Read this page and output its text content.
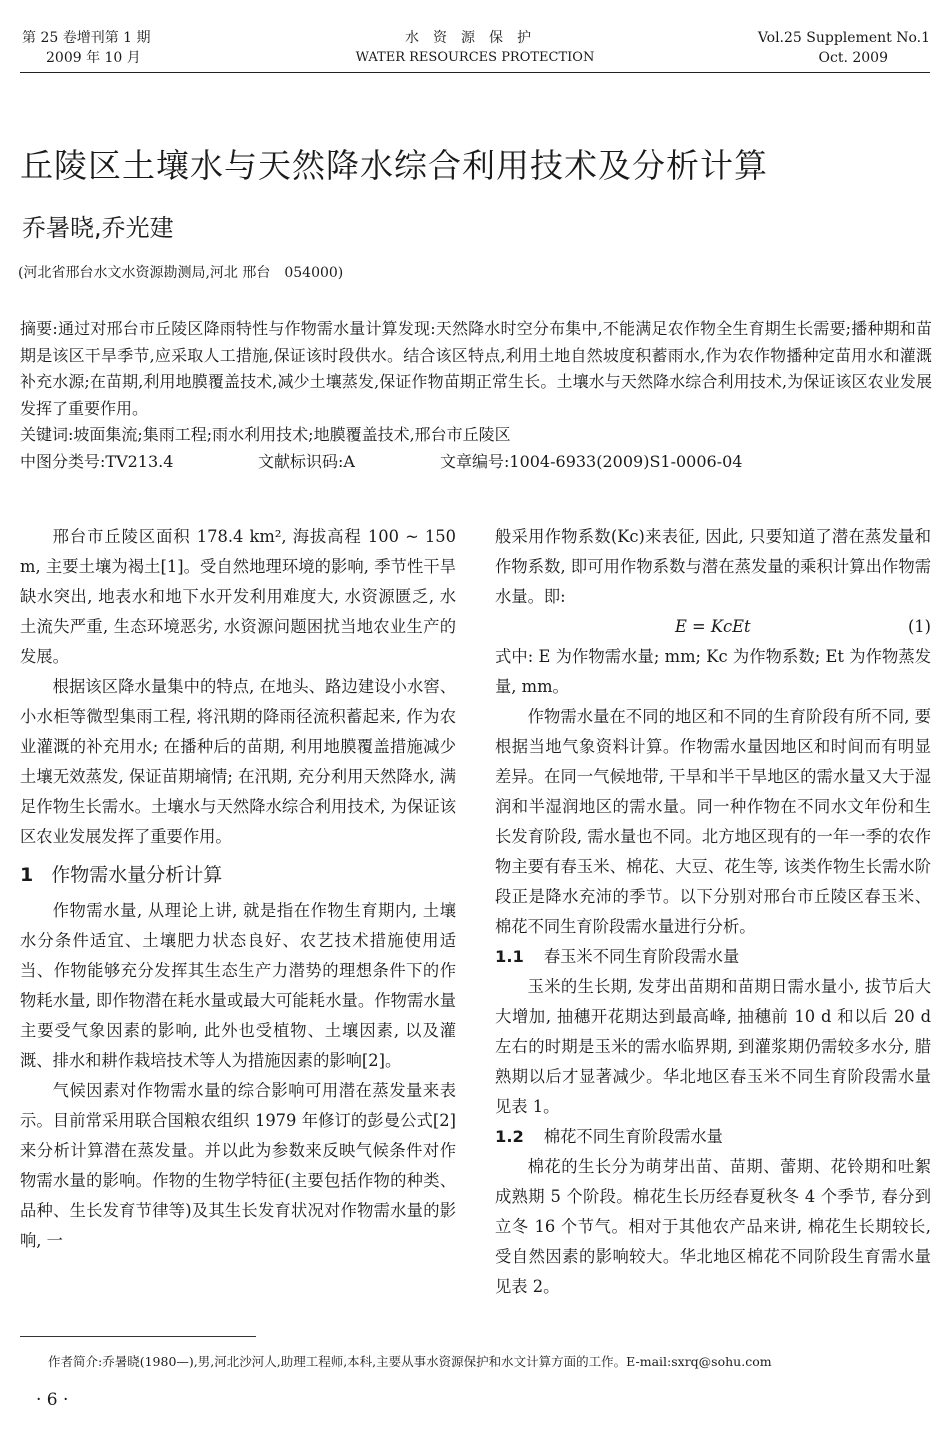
第 25 卷增刊第 1 期
2009 年 10 月
水资源保护
WATER RESOURCES PROTECTION
Vol.25 Supplement No.1
Oct. 2009
丘陵区土壤水与天然降水综合利用技术及分析计算
乔暑晓,乔光建
(河北省邢台水文水资源勘测局,河北 邢台　054000)

摘要:通过对邢台市丘陵区降雨特性与作物需水量计算发现:天然降水时空分布集中,不能满足农作物全生育期生长需要;播种期和苗期是该区干旱季节,应采取人工措施,保证该时段供水。结合该区特点,利用土地自然坡度积蓄雨水,作为农作物播种定苗用水和灌溉补充水源;在苗期,利用地膜覆盖技术,减少土壤蒸发,保证作物苗期正常生长。土壤水与天然降水综合利用技术,为保证该区农业发展发挥了重要作用。

关键词:坡面集流;集雨工程;雨水利用技术;地膜覆盖技术,邢台市丘陵区

中图分类号:TV213.4	文献标识码:A	文章编号:1004-6933(2009)S1-0006-04

邢台市丘陵区面积 178.4 km², 海拔高程 100 ~ 150 m, 主要土壤为褐土[1]。受自然地理环境的影响, 季节性干旱缺水突出, 地表水和地下水开发利用难度大, 水资源匮乏, 水土流失严重, 生态环境恶劣, 水资源问题困扰当地农业生产的发展。

根据该区降水量集中的特点, 在地头、路边建设小水窖、小水柜等微型集雨工程, 将汛期的降雨径流积蓄起来, 作为农业灌溉的补充用水; 在播种后的苗期, 利用地膜覆盖措施减少土壤无效蒸发, 保证苗期墒情; 在汛期, 充分利用天然降水, 满足作物生长需水。土壤水与天然降水综合利用技术, 为保证该区农业发展发挥了重要作用。

1 作物需水量分析计算

作物需水量, 从理论上讲, 就是指在作物生育期内, 土壤水分条件适宜、土壤肥力状态良好、农艺技术措施使用适当、作物能够充分发挥其生态生产力潜势的理想条件下的作物耗水量, 即作物潜在耗水量或最大可能耗水量。作物需水量主要受气象因素的影响, 此外也受植物、土壤因素, 以及灌溉、排水和耕作栽培技术等人为措施因素的影响[2]。

气候因素对作物需水量的综合影响可用潜在蒸发量来表示。目前常采用联合国粮农组织 1979 年修订的彭曼公式[2] 来分析计算潜在蒸发量。并以此为参数来反映气候条件对作物需水量的影响。作物的生物学特征(主要包括作物的种类、品种、生长发育节律等)及其生长发育状况对作物需水量的影响, 一

般采用作物系数(Kc)来表征, 因此, 只要知道了潜在蒸发量和作物系数, 即可用作物系数与潜在蒸发量的乘积计算出作物需水量。即:

E = KcEt	(1)

式中: E 为作物需水量; mm; Kc 为作物系数; Et 为作物蒸发量, mm。

作物需水量在不同的地区和不同的生育阶段有所不同, 要根据当地气象资料计算。作物需水量因地区和时间而有明显差异。在同一气候地带, 干旱和半干旱地区的需水量又大于湿润和半湿润地区的需水量。同一种作物在不同水文年份和生长发育阶段, 需水量也不同。北方地区现有的一年一季的农作物主要有春玉米、棉花、大豆、花生等, 该类作物生长需水阶段正是降水充沛的季节。以下分别对邢台市丘陵区春玉米、棉花不同生育阶段需水量进行分析。

1.1 春玉米不同生育阶段需水量

玉米的生长期, 发芽出苗期和苗期日需水量小, 拔节后大大增加, 抽穗开花期达到最高峰, 抽穗前 10 d 和以后 20 d 左右的时期是玉米的需水临界期, 到灌浆期仍需较多水分, 腊熟期以后才显著减少。华北地区春玉米不同生育阶段需水量见表 1。

1.2 棉花不同生育阶段需水量

棉花的生长分为萌芽出苗、苗期、蕾期、花铃期和吐絮成熟期 5 个阶段。棉花生长历经春夏秋冬 4 个季节, 春分到立冬 16 个节气。相对于其他农产品来讲, 棉花生长期较长, 受自然因素的影响较大。华北地区棉花不同阶段生育需水量见表 2。

作者简介:乔暑晓(1980—),男,河北沙河人,助理工程师,本科,主要从事水资源保护和水文计算方面的工作。E-mail:sxrq@sohu.com
· 6 ·
